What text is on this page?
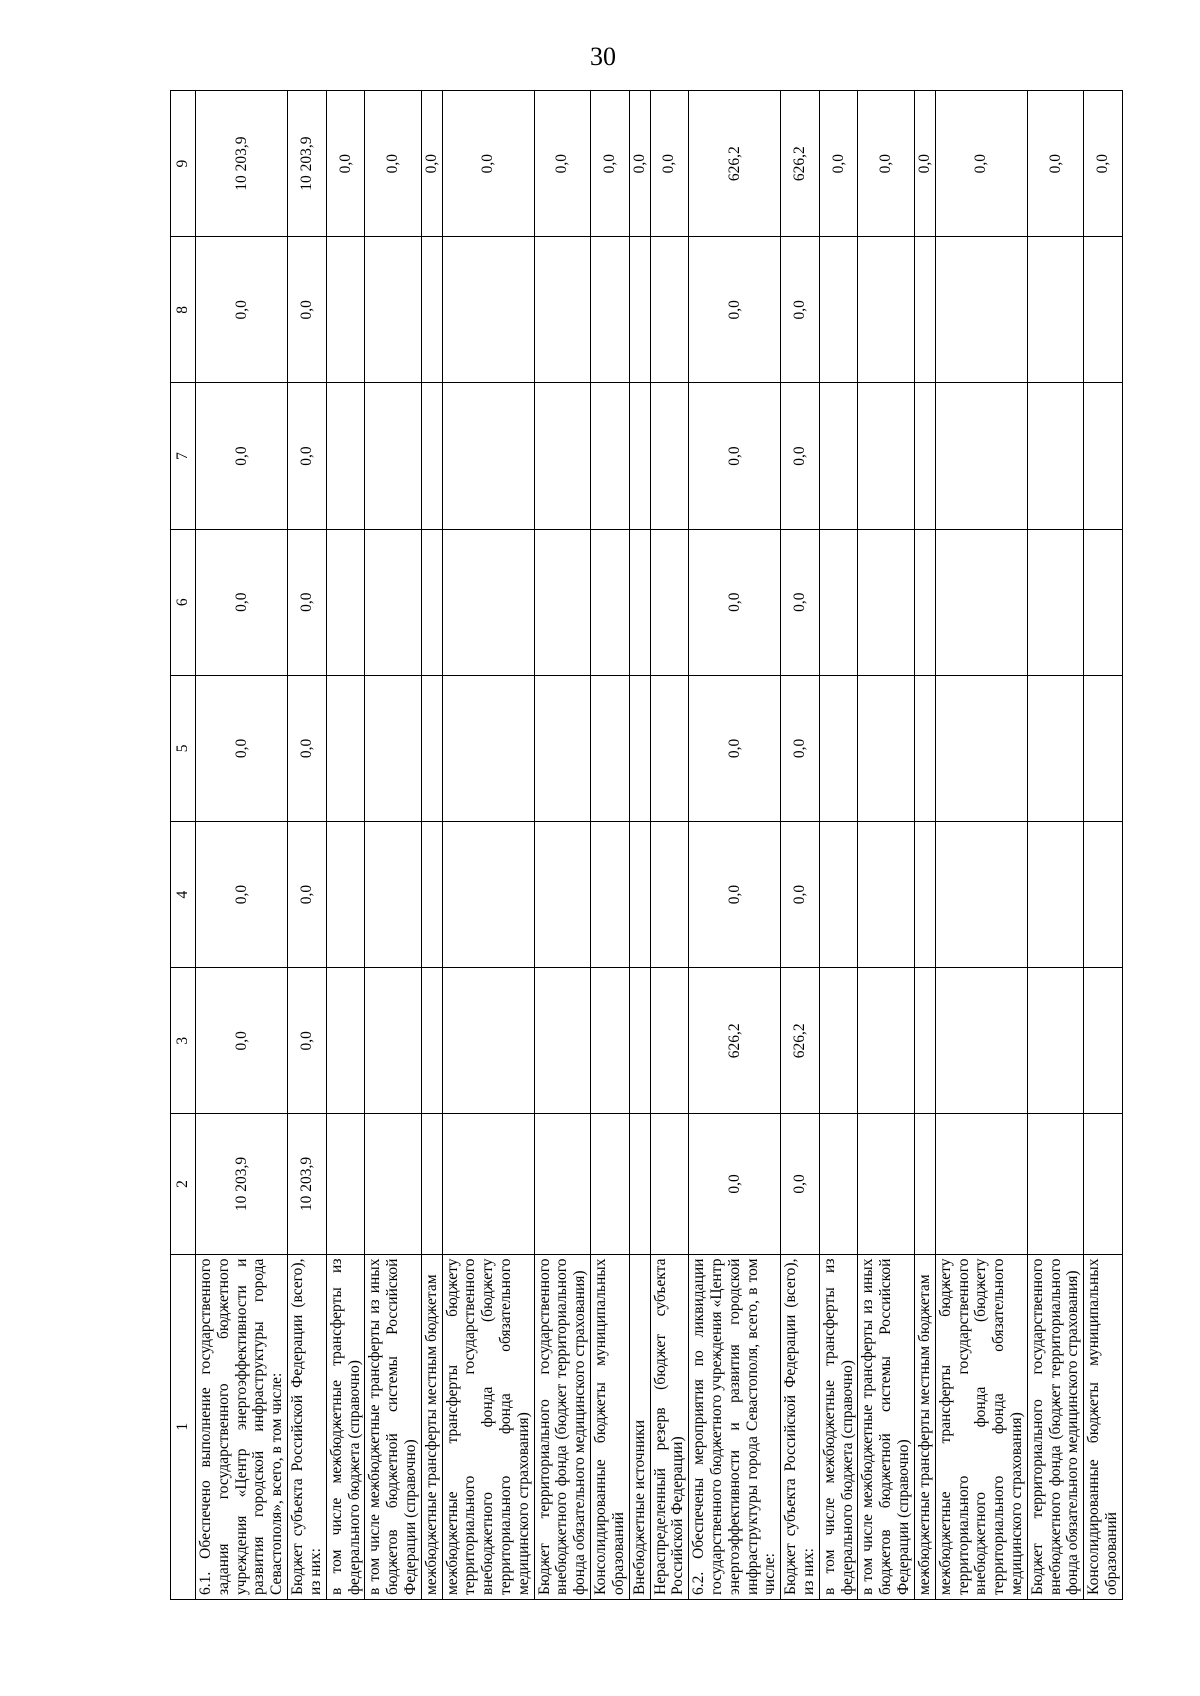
30
1	2	3	4	5	6	7	8	9
6.1. Обеспечено выполнение государственного задания государственного бюджетного учреждения «Центр энергоэффективности и развития городской инфраструктуры города Севастополя», всего, в том числе:	10 203,9	0,0	0,0	0,0	0,0	0,0	0,0	10 203,9
Бюджет субъекта Российской Федерации (всего), из них:	10 203,9	0,0	0,0	0,0	0,0	0,0	0,0	10 203,9
в том числе межбюджетные трансферты из федерального бюджета (справочно)								0,0
в том числе межбюджетные трансферты из иных бюджетов бюджетной системы Российской Федерации (справочно)								0,0
межбюджетные трансферты местным бюджетам								0,0
межбюджетные трансферты бюджету территориального государственного внебюджетного фонда (бюджету территориального фонда обязательного медицинского страхования)								0,0
Бюджет территориального государственного внебюджетного фонда (бюджет территориального фонда обязательного медицинского страхования)								0,0
Консолидированные бюджеты муниципальных образований								0,0
Внебюджетные источники								0,0
Нераспределенный резерв (бюджет субъекта Российской Федерации)								0,0
6.2. Обеспечены мероприятия по ликвидации государственного бюджетного учреждения «Центр энергоэффективности и развития городской инфраструктуры города Севастополя, всего, в том числе:	0,0	626,2	0,0	0,0	0,0	0,0	0,0	626,2
Бюджет субъекта Российской Федерации (всего), из них:	0,0	626,2	0,0	0,0	0,0	0,0	0,0	626,2
в том числе межбюджетные трансферты из федерального бюджета (справочно)								0,0
в том числе межбюджетные трансферты из иных бюджетов бюджетной системы Российской Федерации (справочно)								0,0
межбюджетные трансферты местным бюджетам								0,0
межбюджетные трансферты бюджету территориального государственного внебюджетного фонда (бюджету территориального фонда обязательного медицинского страхования)								0,0
Бюджет территориального государственного внебюджетного фонда (бюджет территориального фонда обязательного медицинского страхования)								0,0
Консолидированные бюджеты муниципальных образований								0,0
